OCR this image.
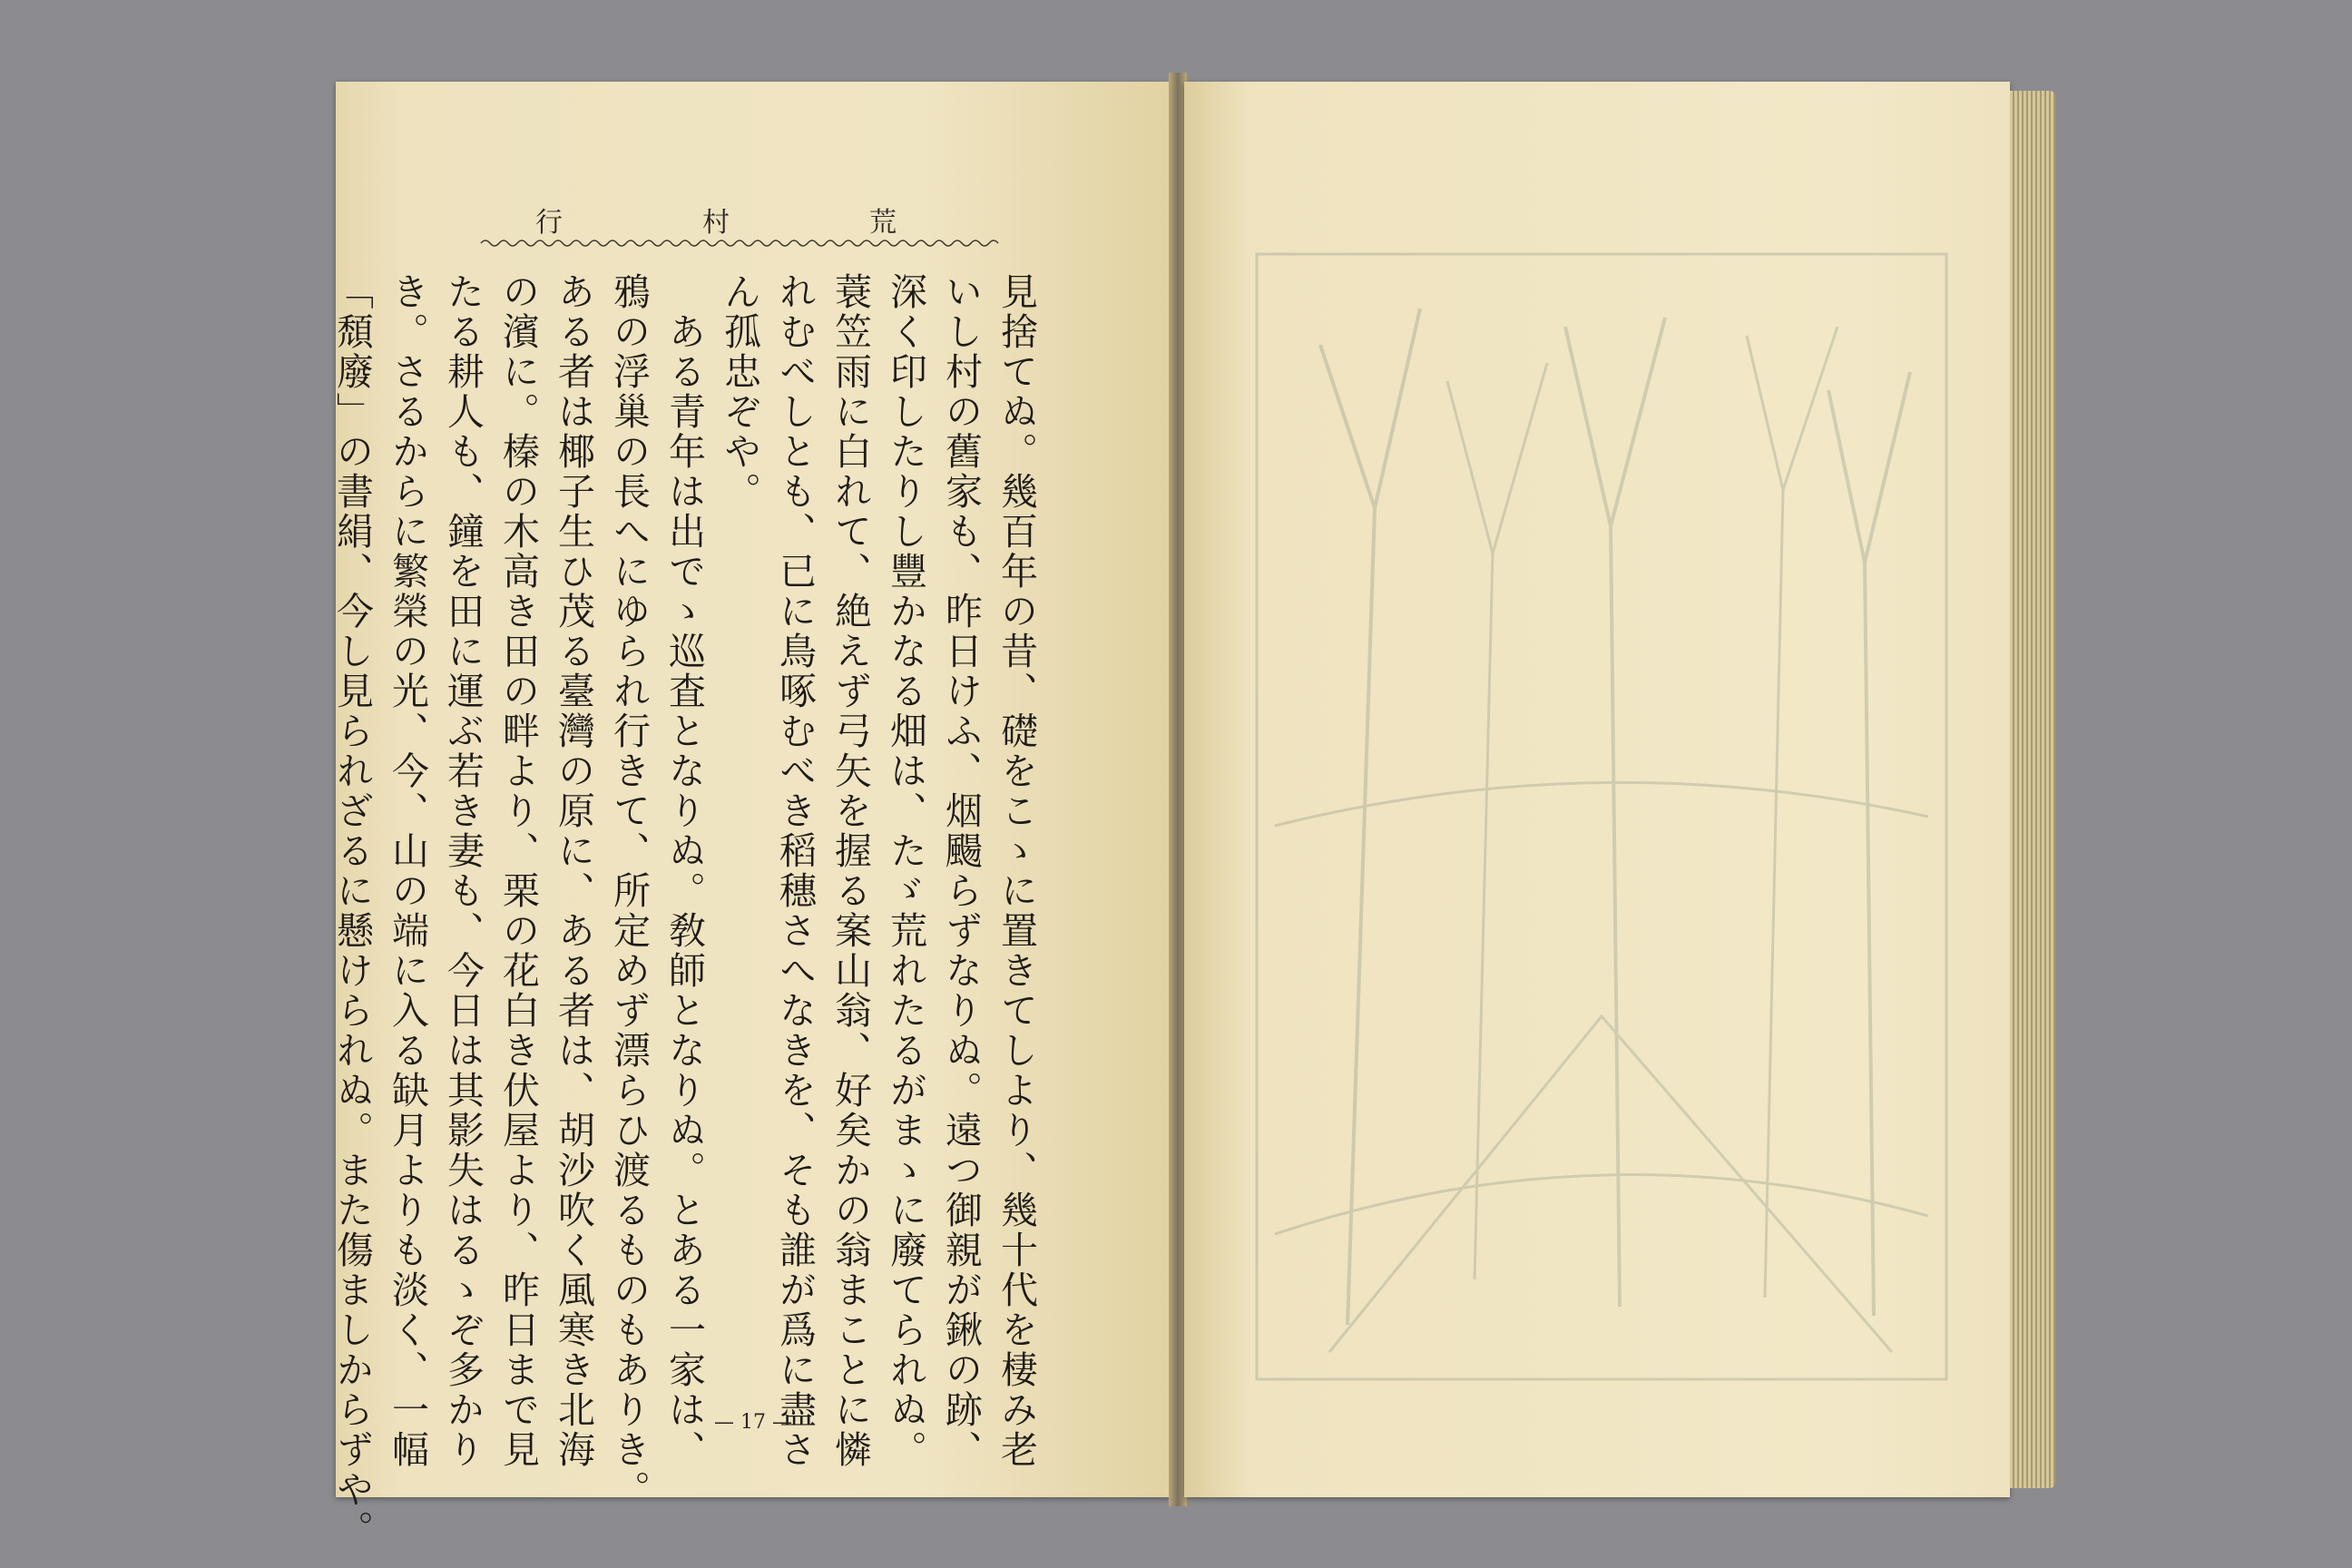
行	村	荒

見捨てぬ。幾百年の昔、礎をこゝに置きてしより、幾十代を棲み老

いし村の舊家も、昨日けふ、烟颺らずなりぬ。遠つ御親が鍬の跡、

深く印したりし豐かなる畑は、たゞ荒れたるがまゝに廢てられぬ。

蓑笠雨に白れて、絶えず弓矢を握る案山翁、好矣かの翁まことに憐

れむべしとも、已に鳥啄むべき稻穗さへなきを、そも誰が爲に盡さ

ん孤忠ぞや。

　ある青年は出でゝ巡査となりぬ。敎師となりぬ。とある一家は、

鴉の浮巢の長へにゆられ行きて、所定めず漂らひ渡るものもありき。

ある者は椰子生ひ茂る臺灣の原に、ある者は、胡沙吹く風寒き北海

の濱に。榛の木高き田の畔より、栗の花白き伏屋より、昨日まで見

たる耕人も、鐘を田に運ぶ若き妻も、今日は其影失はるゝぞ多かり

き。さるからに繁榮の光、今、山の端に入る缺月よりも淡く、一幅

「頹廢」の書絹、今し見られざるに懸けられぬ。また傷ましからずや。	— 17 —
